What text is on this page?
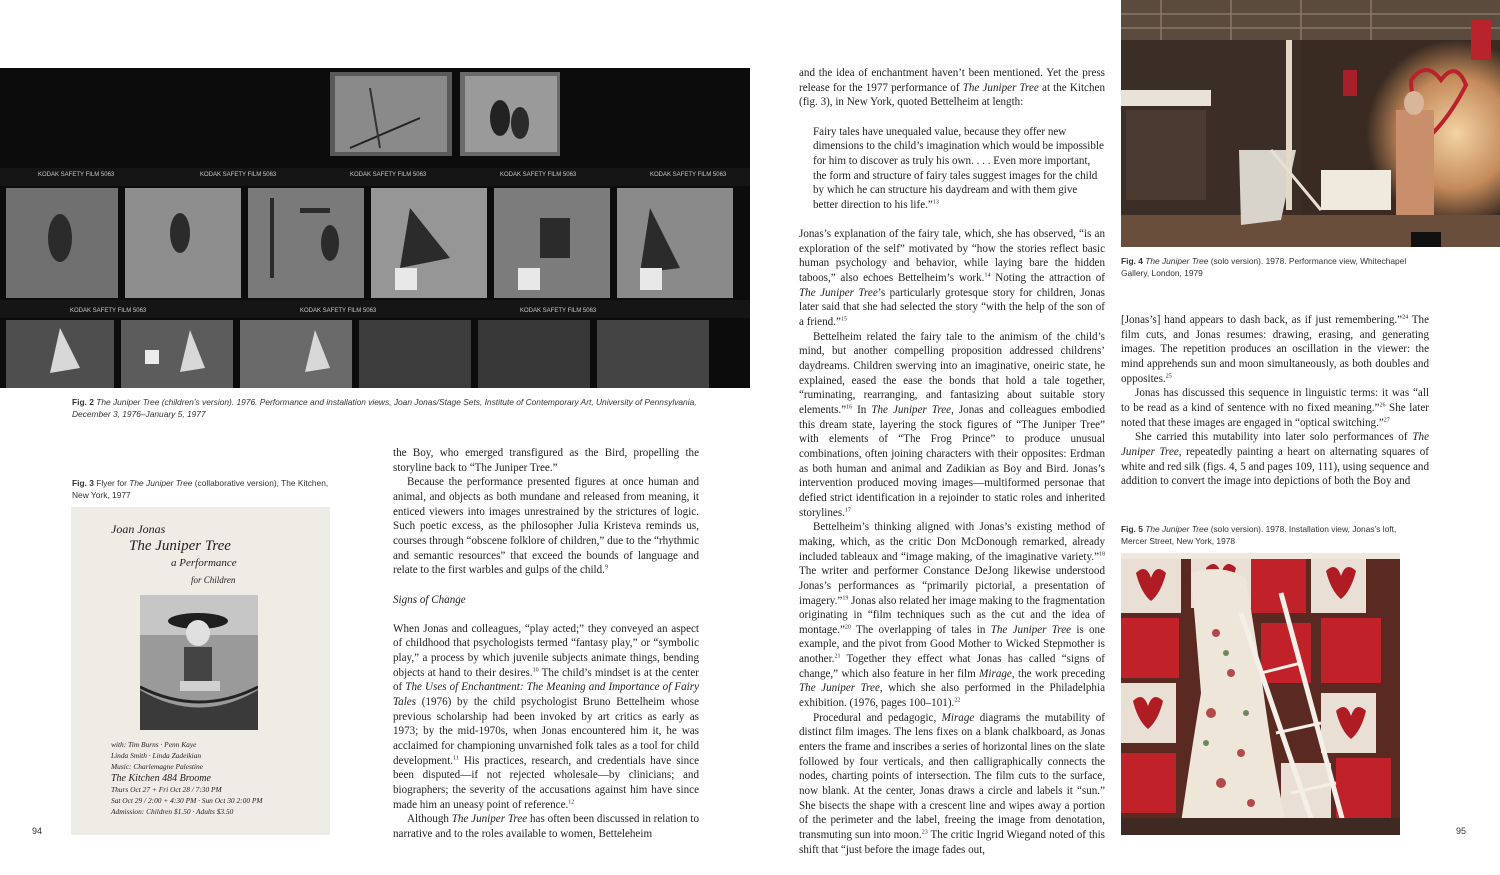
KODAK SAFETY FILM 5063	KODAK SAFETY FILM 5063	KODAK SAFETY FILM 5063	KODAK SAFETY FILM 5063	KODAK SAFETY FILM 5063
KODAK SAFETY FILM 5063	KODAK SAFETY FILM 5063	KODAK SAFETY FILM 5063
Fig. 2 The Juniper Tree (children’s version). 1976. Performance and installation views, Joan Jonas/Stage Sets, Institute of Contemporary Art, University of Pennsylvania,
December 3, 1976–January 5, 1977
Fig. 3 Flyer for The Juniper Tree (collaborative version), The Kitchen,
New York, 1977
Joan Jonas
The Juniper Tree
a Performance
for Children
with: Tim Burns · Penn Kaye
Linda Smith · Linda Zadeikian
Music: Charlemagne Palestine
The Kitchen 484 Broome
Thurs Oct 27 + Fri Oct 28 / 7:30 PM
Sat Oct 29 / 2:00 + 4:30 PM · Sun Oct 30 2:00 PM
Admission: Children $1.50 · Adults $3.50
94

the Boy, who emerged transfigured as the Bird, propelling the storyline back to “The Juniper Tree.”

Because the performance presented figures at once human and animal, and objects as both mundane and released from meaning, it enticed viewers into images unrestrained by the strictures of logic. Such poetic excess, as the philosopher Julia Kristeva reminds us, courses through “obscene folklore of children,” due to the “rhythmic and semantic resources” that exceed the bounds of language and relate to the first warbles and gulps of the child.$^9$

Signs of Change

When Jonas and colleagues, “play acted;” they conveyed an aspect of childhood that psychologists termed “fantasy play,” or “symbolic play,” a process by which juvenile subjects animate things, bending objects at hand to their desires.$^{10}$ The child’s mindset is at the center of The Uses of Enchantment: The Meaning and Importance of Fairy Tales (1976) by the child psychologist Bruno Bettelheim whose previous scholarship had been invoked by art critics as early as 1973; by the mid-1970s, when Jonas encountered him it, he was acclaimed for championing unvarnished folk tales as a tool for child development.$^{11}$ His practices, research, and credentials have since been disputed—if not rejected wholesale—by clinicians; and biographers; the severity of the accusations against him have since made him an uneasy point of reference.$^{12}$

Although The Juniper Tree has often been discussed in relation to narrative and to the roles available to women, Betteleheim

and the idea of enchantment haven’t been mentioned. Yet the press release for the 1977 performance of The Juniper Tree at the Kitchen (fig. 3), in New York, quoted Bettelheim at length:

Fairy tales have unequaled value, because they offer new dimensions to the child’s imagination which would be impossible for him to discover as truly his own. . . . Even more important, the form and structure of fairy tales suggest images for the child by which he can structure his daydream and with them give better direction to his life.”$^{13}$

Jonas’s explanation of the fairy tale, which, she has observed, “is an exploration of the self” motivated by “how the stories reflect basic human psychology and behavior, while laying bare the hidden taboos,” also echoes Bettelheim’s work.$^{14}$ Noting the attraction of The Juniper Tree’s particularly grotesque story for children, Jonas later said that she had selected the story “with the help of the son of a friend.”$^{15}$

Bettelheim related the fairy tale to the animism of the child’s mind, but another compelling proposition addressed childrens’ daydreams. Children swerving into an imaginative, oneiric state, he explained, eased the ease the bonds that hold a tale together, “ruminating, rearranging, and fantasizing about suitable story elements.”$^{16}$ In The Juniper Tree, Jonas and colleagues embodied this dream state, layering the stock figures of “The Juniper Tree” with elements of “The Frog Prince” to produce unusual combinations, often joining characters with their opposites: Erdman as both human and animal and Zadikian as Boy and Bird. Jonas’s intervention produced moving images—multiformed personae that defied strict identification in a rejoinder to static roles and inherited storylines.$^{17}$

Bettelheim’s thinking aligned with Jonas’s existing method of making, which, as the critic Don McDonough remarked, already included tableaux and “image making, of the imaginative variety.”$^{18}$ The writer and performer Constance DeJong likewise understood Jonas’s performances as “primarily pictorial, a presentation of imagery.”$^{19}$ Jonas also related her image making to the fragmentation originating in “film techniques such as the cut and the idea of montage.”$^{20}$ The overlapping of tales in The Juniper Tree is one example, and the pivot from Good Mother to Wicked Stepmother is another.$^{21}$ Together they effect what Jonas has called “signs of change,” which also feature in her film Mirage, the work preceding The Juniper Tree, which she also performed in the Philadelphia exhibition. (1976, pages 100–101).$^{22}$

Procedural and pedagogic, Mirage diagrams the mutability of distinct film images. The lens fixes on a blank chalkboard, as Jonas enters the frame and inscribes a series of horizontal lines on the slate followed by four verticals, and then calligraphically connects the nodes, charting points of intersection. The film cuts to the surface, now blank. At the center, Jonas draws a circle and labels it “sun.” She bisects the shape with a crescent line and wipes away a portion of the perimeter and the label, freeing the image from denotation, transmuting sun into moon.$^{23}$ The critic Ingrid Wiegand noted of this shift that “just before the image fades out,

Fig. 4 The Juniper Tree (solo version). 1978. Performance view, Whitechapel
Gallery, London, 1979

[Jonas’s] hand appears to dash back, as if just remembering.”$^{24}$ The film cuts, and Jonas resumes: drawing, erasing, and generating images. The repetition produces an oscillation in the viewer: the mind apprehends sun and moon simultaneously, as both doubles and opposites.$^{25}$

Jonas has discussed this sequence in linguistic terms: it was “all to be read as a kind of sentence with no fixed meaning.”$^{26}$ She later noted that these images are engaged in “optical switching.”$^{27}$

She carried this mutability into later solo performances of The Juniper Tree, repeatedly painting a heart on alternating squares of white and red silk (figs. 4, 5 and pages 109, 111), using sequence and addition to convert the image into depictions of both the Boy and

Fig. 5 The Juniper Tree (solo version). 1978. Installation view, Jonas’s loft,
Mercer Street, New York, 1978
95
